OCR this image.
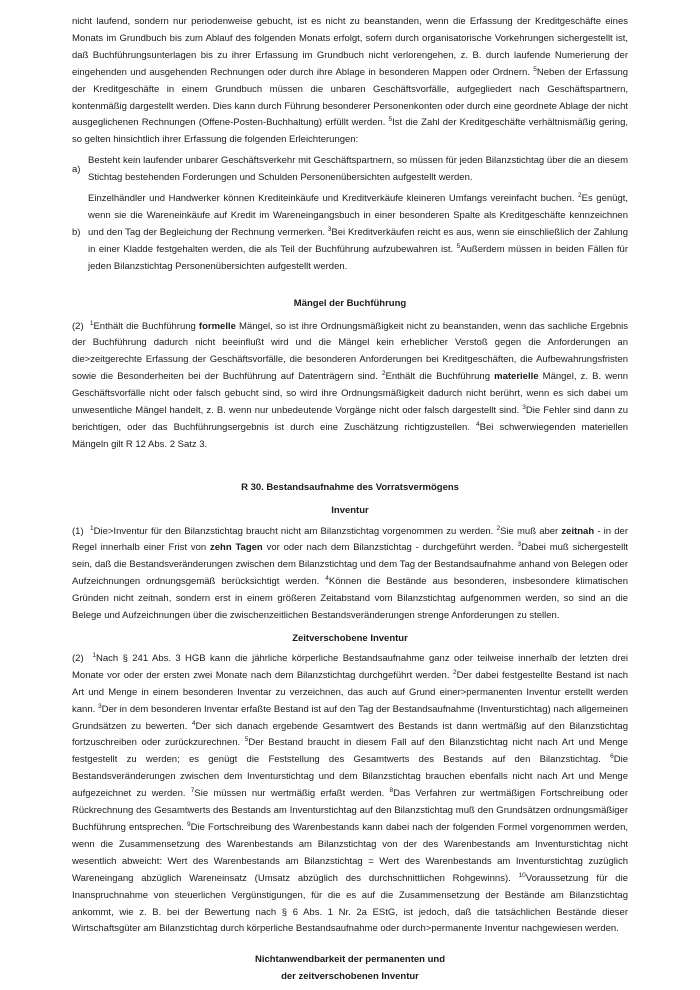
nicht laufend, sondern nur periodenweise gebucht, ist es nicht zu beanstanden, wenn die Erfassung der Kreditgeschäfte eines Monats im Grundbuch bis zum Ablauf des folgenden Monats erfolgt, sofern durch organisatorische Vorkehrungen sichergestellt ist, daß Buchführungsunterlagen bis zu ihrer Erfassung im Grundbuch nicht verlorengehen, z. B. durch laufende Numerierung der eingehenden und ausgehenden Rechnungen oder durch ihre Ablage in besonderen Mappen oder Ordnern. $^5$Neben der Erfassung der Kreditgeschäfte in einem Grundbuch müssen die unbaren Geschäftsvorfälle, aufgegliedert nach Geschäftspartnern, kontenmäßig dargestellt werden. Dies kann durch Führung besonderer Personenkonten oder durch eine geordnete Ablage der nicht ausgeglichenen Rechnungen (Offene-Posten-Buchhaltung) erfüllt werden. $^5$Ist die Zahl der Kreditgeschäfte verhältnismäßig gering, so gelten hinsichtlich ihrer Erfassung die folgenden Erleichterungen:

a)

Besteht kein laufender unbarer Geschäftsverkehr mit Geschäftspartnern, so müssen für jeden Bilanzstichtag über die an diesem Stichtag bestehenden Forderungen und Schulden Personenübersichten aufgestellt werden.

b)

Einzelhändler und Handwerker können Krediteinkäufe und Kreditverkäufe kleineren Umfangs vereinfacht buchen. $^2$Es genügt, wenn sie die Wareneinkäufe auf Kredit im Wareneingangsbuch in einer besonderen Spalte als Kreditgeschäfte kennzeichnen und den Tag der Begleichung der Rechnung vermerken. $^3$Bei Kreditverkäufen reicht es aus, wenn sie einschließlich der Zahlung in einer Kladde festgehalten werden, die als Teil der Buchführung aufzubewahren ist. $^5$Außerdem müssen in beiden Fällen für jeden Bilanzstichtag Personenübersichten aufgestellt werden.

Mängel der Buchführung

(2) $^1$Enthält die Buchführung formelle Mängel, so ist ihre Ordnungsmäßigkeit nicht zu beanstanden, wenn das sachliche Ergebnis der Buchführung dadurch nicht beeinflußt wird und die Mängel kein erheblicher Verstoß gegen die Anforderungen an die>zeitgerechte Erfassung der Geschäftsvorfälle, die besonderen Anforderungen bei Kreditgeschäften, die Aufbewahrungsfristen sowie die Besonderheiten bei der Buchführung auf Datenträgern sind. $^2$Enthält die Buchführung materielle Mängel, z. B. wenn Geschäftsvorfälle nicht oder falsch gebucht sind, so wird ihre Ordnungsmäßigkeit dadurch nicht berührt, wenn es sich dabei um unwesentliche Mängel handelt, z. B. wenn nur unbedeutende Vorgänge nicht oder falsch dargestellt sind. $^3$Die Fehler sind dann zu berichtigen, oder das Buchführungsergebnis ist durch eine Zuschätzung richtigzustellen. $^4$Bei schwerwiegenden materiellen Mängeln gilt R 12 Abs. 2 Satz 3.

R 30. Bestandsaufnahme des Vorratsvermögens

Inventur

(1) $^1$Die>Inventur für den Bilanzstichtag braucht nicht am Bilanzstichtag vorgenommen zu werden. $^2$Sie muß aber zeitnah - in der Regel innerhalb einer Frist von zehn Tagen vor oder nach dem Bilanzstichtag - durchgeführt werden. $^3$Dabei muß sichergestellt sein, daß die Bestandsveränderungen zwischen dem Bilanzstichtag und dem Tag der Bestandsaufnahme anhand von Belegen oder Aufzeichnungen ordnungsgemäß berücksichtigt werden. $^4$Können die Bestände aus besonderen, insbesondere klimatischen Gründen nicht zeitnah, sondern erst in einem größeren Zeitabstand vom Bilanzstichtag aufgenommen werden, so sind an die Belege und Aufzeichnungen über die zwischenzeitlichen Bestandsveränderungen strenge Anforderungen zu stellen.

Zeitverschobene Inventur

(2) $^1$Nach § 241 Abs. 3 HGB kann die jährliche körperliche Bestandsaufnahme ganz oder teilweise innerhalb der letzten drei Monate vor oder der ersten zwei Monate nach dem Bilanzstichtag durchgeführt werden. $^2$Der dabei festgestellte Bestand ist nach Art und Menge in einem besonderen Inventar zu verzeichnen, das auch auf Grund einer>permanenten Inventur erstellt werden kann. $^3$Der in dem besonderen Inventar erfaßte Bestand ist auf den Tag der Bestandsaufnahme (Inventurstichtag) nach allgemeinen Grundsätzen zu bewerten. $^4$Der sich danach ergebende Gesamtwert des Bestands ist dann wertmäßig auf den Bilanzstichtag fortzuschreiben oder zurückzurechnen. $^5$Der Bestand braucht in diesem Fall auf den Bilanzstichtag nicht nach Art und Menge festgestellt zu werden; es genügt die Feststellung des Gesamtwerts des Bestands auf den Bilanzstichtag. $^6$Die Bestandsveränderungen zwischen dem Inventurstichtag und dem Bilanzstichtag brauchen ebenfalls nicht nach Art und Menge aufgezeichnet zu werden. $^7$Sie müssen nur wertmäßig erfaßt werden. $^8$Das Verfahren zur wertmäßigen Fortschreibung oder Rückrechnung des Gesamtwerts des Bestands am Inventurstichtag auf den Bilanzstichtag muß den Grundsätzen ordnungsmäßiger Buchführung entsprechen. $^9$Die Fortschreibung des Warenbestands kann dabei nach der folgenden Formel vorgenommen werden, wenn die Zusammensetzung des Warenbestands am Bilanzstichtag von der des Warenbestands am Inventurstichtag nicht wesentlich abweicht: Wert des Warenbestands am Bilanzstichtag = Wert des Warenbestands am Inventurstichtag zuzüglich Wareneingang abzüglich Wareneinsatz (Umsatz abzüglich des durchschnittlichen Rohgewinns). $^{10}$Voraussetzung für die Inanspruchnahme von steuerlichen Vergünstigungen, für die es auf die Zusammensetzung der Bestände am Bilanzstichtag ankommt, wie z. B. bei der Bewertung nach § 6 Abs. 1 Nr. 2a EStG, ist jedoch, daß die tatsächlichen Bestände dieser Wirtschaftsgüter am Bilanzstichtag durch körperliche Bestandsaufnahme oder durch>permanente Inventur nachgewiesen werden.

Nichtanwendbarkeit der permanenten und
der zeitverschobenen Inventur
